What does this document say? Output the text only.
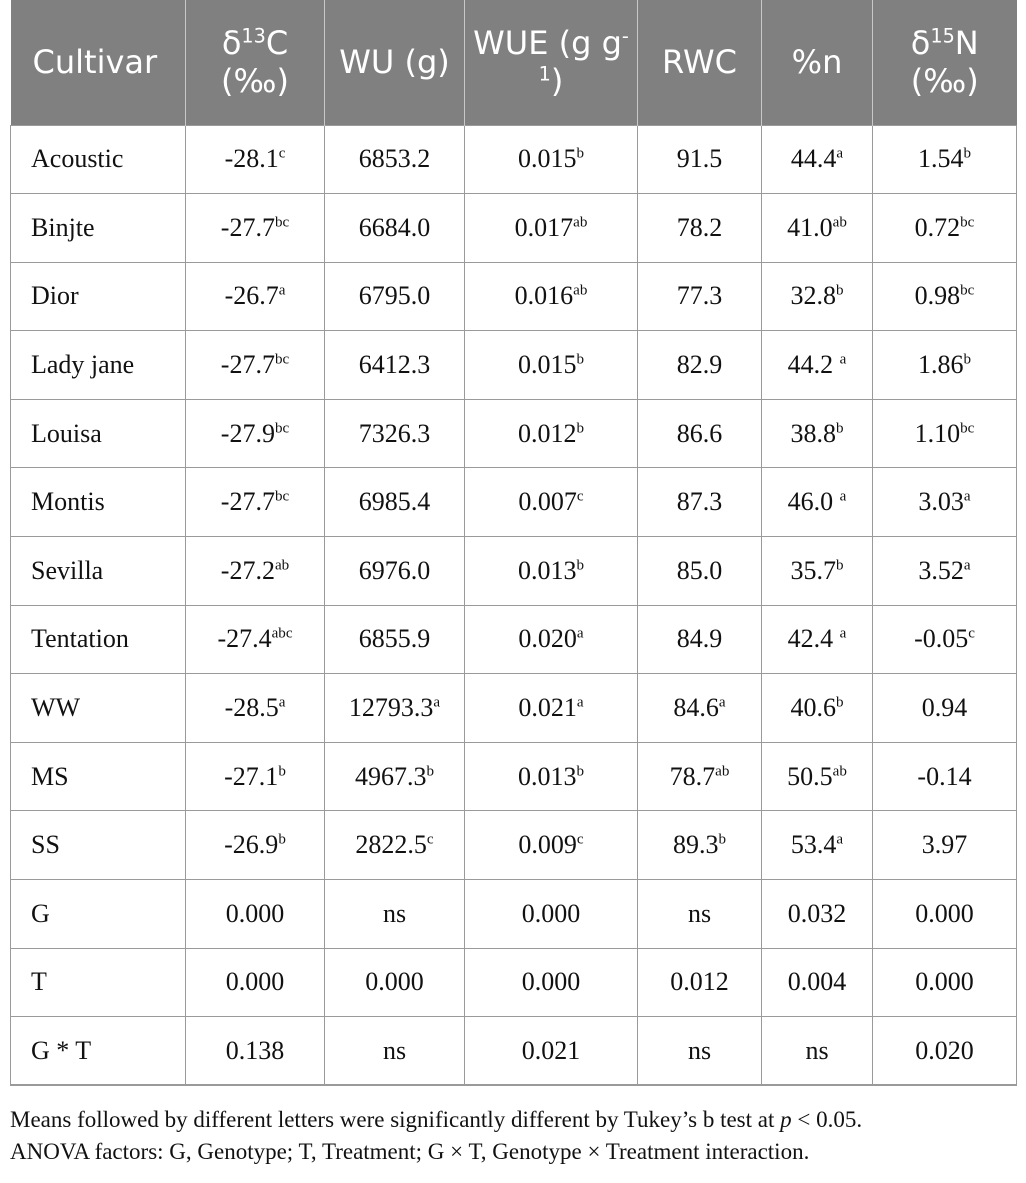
Cultivar	$\delta^{13}C$ (‰)	WU (g)	WUE (g $g^{-1}$)	RWC	%n	$\delta^{15}N$ (‰)
Acoustic	-28.1$^c$	6853.2	0.015$^b$	91.5	44.4$^a$	1.54$^b$
Binjte	-27.7$^{bc}$	6684.0	0.017$^{ab}$	78.2	41.0$^{ab}$	0.72$^{bc}$
Dior	-26.7$^a$	6795.0	0.016$^{ab}$	77.3	32.8$^b$	0.98$^{bc}$
Lady jane	-27.7$^{bc}$	6412.3	0.015$^b$	82.9	44.2 $^a$	1.86$^b$
Louisa	-27.9$^{bc}$	7326.3	0.012$^b$	86.6	38.8$^b$	1.10$^{bc}$
Montis	-27.7$^{bc}$	6985.4	0.007$^c$	87.3	46.0 $^a$	3.03$^a$
Sevilla	-27.2$^{ab}$	6976.0	0.013$^b$	85.0	35.7$^b$	3.52$^a$
Tentation	-27.4$^{abc}$	6855.9	0.020$^a$	84.9	42.4 $^a$	-0.05$^c$
WW	-28.5$^a$	12793.3$^a$	0.021$^a$	84.6$^a$	40.6$^b$	0.94
MS	-27.1$^b$	4967.3$^b$	0.013$^b$	78.7$^{ab}$	50.5$^{ab}$	-0.14
SS	-26.9$^b$	2822.5$^c$	0.009$^c$	89.3$^b$	53.4$^a$	3.97
G	0.000	ns	0.000	ns	0.032	0.000
T	0.000	0.000	0.000	0.012	0.004	0.000
G * T	0.138	ns	0.021	ns	ns	0.020

Means followed by different letters were significantly different by Tukey’s b test at p < 0.05.

ANOVA factors: G, Genotype; T, Treatment; G × T, Genotype × Treatment interaction.
